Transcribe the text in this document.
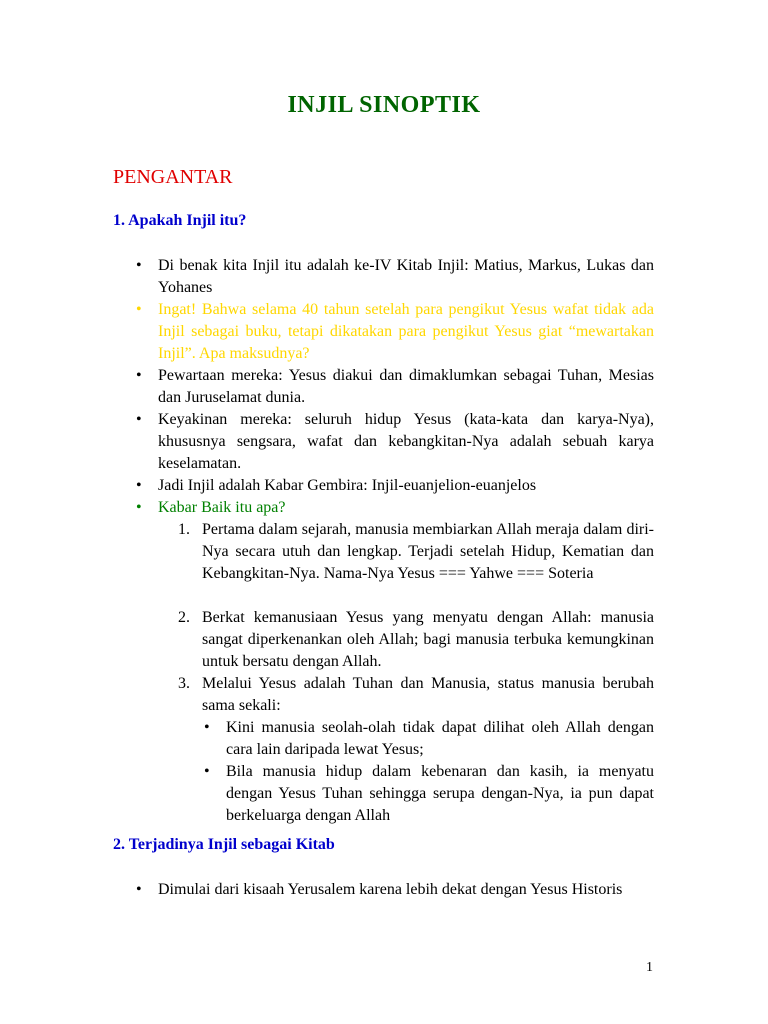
INJIL SINOPTIK
PENGANTAR
1. Apakah Injil itu?
• Di benak kita Injil itu adalah ke-IV Kitab Injil: Matius, Markus, Lukas dan Yohanes
• Ingat! Bahwa selama 40 tahun setelah para pengikut Yesus wafat tidak ada Injil sebagai buku, tetapi dikatakan para pengikut Yesus giat “mewartakan Injil”. Apa maksudnya?
• Pewartaan mereka: Yesus diakui dan dimaklumkan sebagai Tuhan, Mesias dan Juruselamat dunia.
• Keyakinan mereka: seluruh hidup Yesus (kata-kata dan karya-Nya), khususnya sengsara, wafat dan kebangkitan-Nya adalah sebuah karya keselamatan.
• Jadi Injil adalah Kabar Gembira: Injil-euanjelion-euanjelos
• Kabar Baik itu apa?
1. Pertama dalam sejarah, manusia membiarkan Allah meraja dalam diri-Nya secara utuh dan lengkap. Terjadi setelah Hidup, Kematian dan Kebangkitan-Nya. Nama-Nya Yesus === Yahwe === Soteria
2. Berkat kemanusiaan Yesus yang menyatu dengan Allah: manusia sangat diperkenankan oleh Allah; bagi manusia terbuka kemungkinan untuk bersatu dengan Allah.
3. Melalui Yesus adalah Tuhan dan Manusia, status manusia berubah sama sekali:
• Kini manusia seolah-olah tidak dapat dilihat oleh Allah dengan cara lain daripada lewat Yesus;
• Bila manusia hidup dalam kebenaran dan kasih, ia menyatu dengan Yesus Tuhan sehingga serupa dengan-Nya, ia pun dapat berkeluarga dengan Allah
2. Terjadinya Injil sebagai Kitab
• Dimulai dari kisaah Yerusalem karena lebih dekat dengan Yesus Historis
1
